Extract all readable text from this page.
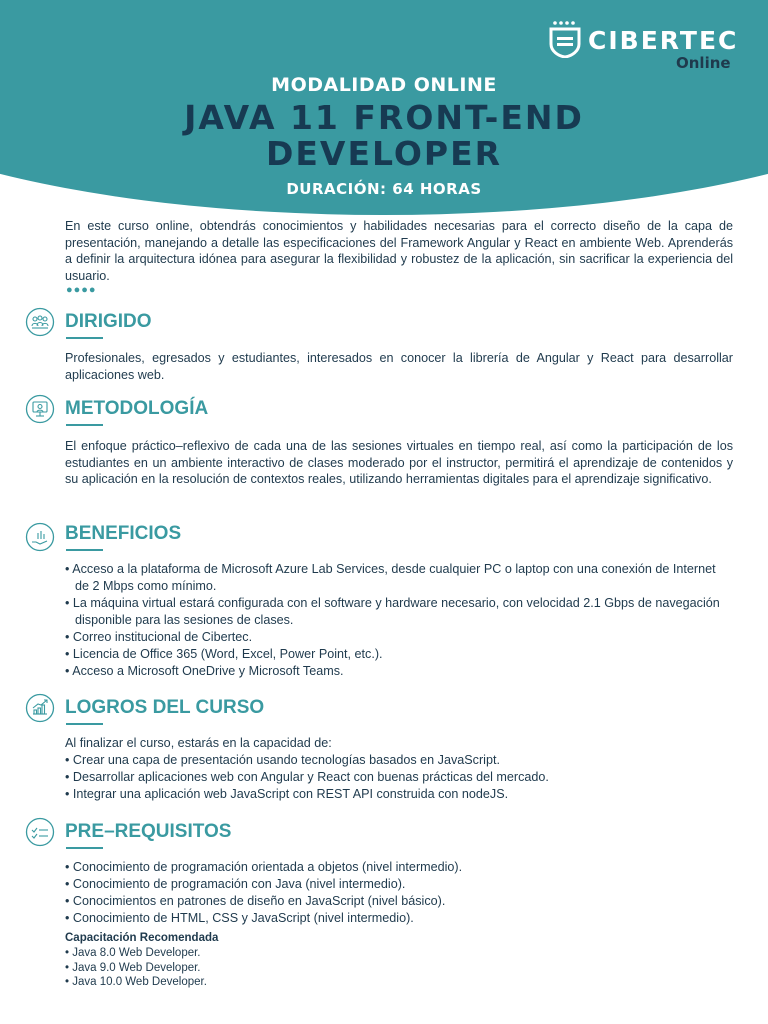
CIBERTEC
Online
MODALIDAD ONLINE
JAVA 11 FRONT-END
DEVELOPER
DURACIÓN: 64 HORAS

En este curso online, obtendrás conocimientos y habilidades necesarias para el correcto diseño de la capa de presentación, manejando a detalle las especificaciones del Framework Angular y React en ambiente Web. Aprenderás a definir la arquitectura idónea para asegurar la flexibilidad y robustez de la aplicación, sin sacrificar la experiencia del usuario.

●●●●
DIRIGIDO

Profesionales, egresados y estudiantes, interesados en conocer la librería de Angular y React para desarrollar aplicaciones web.

METODOLOGÍA

El enfoque práctico–reflexivo de cada una de las sesiones virtuales en tiempo real, así como la participación de los estudiantes en un ambiente interactivo de clases moderado por el instructor, permitirá el aprendizaje de contenidos y su aplicación en la resolución de contextos reales, utilizando herramientas digitales para el aprendizaje significativo.

BENEFICIOS
• Acceso a la plataforma de Microsoft Azure Lab Services, desde cualquier PC o laptop con una conexión de Internet de 2 Mbps como mínimo.
• La máquina virtual estará configurada con el software y hardware necesario, con velocidad 2.1 Gbps de navegación disponible para las sesiones de clases.
• Correo institucional de Cibertec.
• Licencia de Office 365 (Word, Excel, Power Point, etc.).
• Acceso a Microsoft OneDrive y Microsoft Teams.
LOGROS DEL CURSO

Al finalizar el curso, estarás en la capacidad de:

• Crear una capa de presentación usando tecnologías basados en JavaScript.
• Desarrollar aplicaciones web con Angular y React con buenas prácticas del mercado.
• Integrar una aplicación web JavaScript con REST API construida con nodeJS.
PRE–REQUISITOS
• Conocimiento de programación orientada a objetos (nivel intermedio).
• Conocimiento de programación con Java (nivel intermedio).
• Conocimientos en patrones de diseño en JavaScript (nivel básico).
• Conocimiento de HTML, CSS y JavaScript (nivel intermedio).
Capacitación Recomendada
• Java 8.0 Web Developer.
• Java 9.0 Web Developer.
• Java 10.0 Web Developer.
